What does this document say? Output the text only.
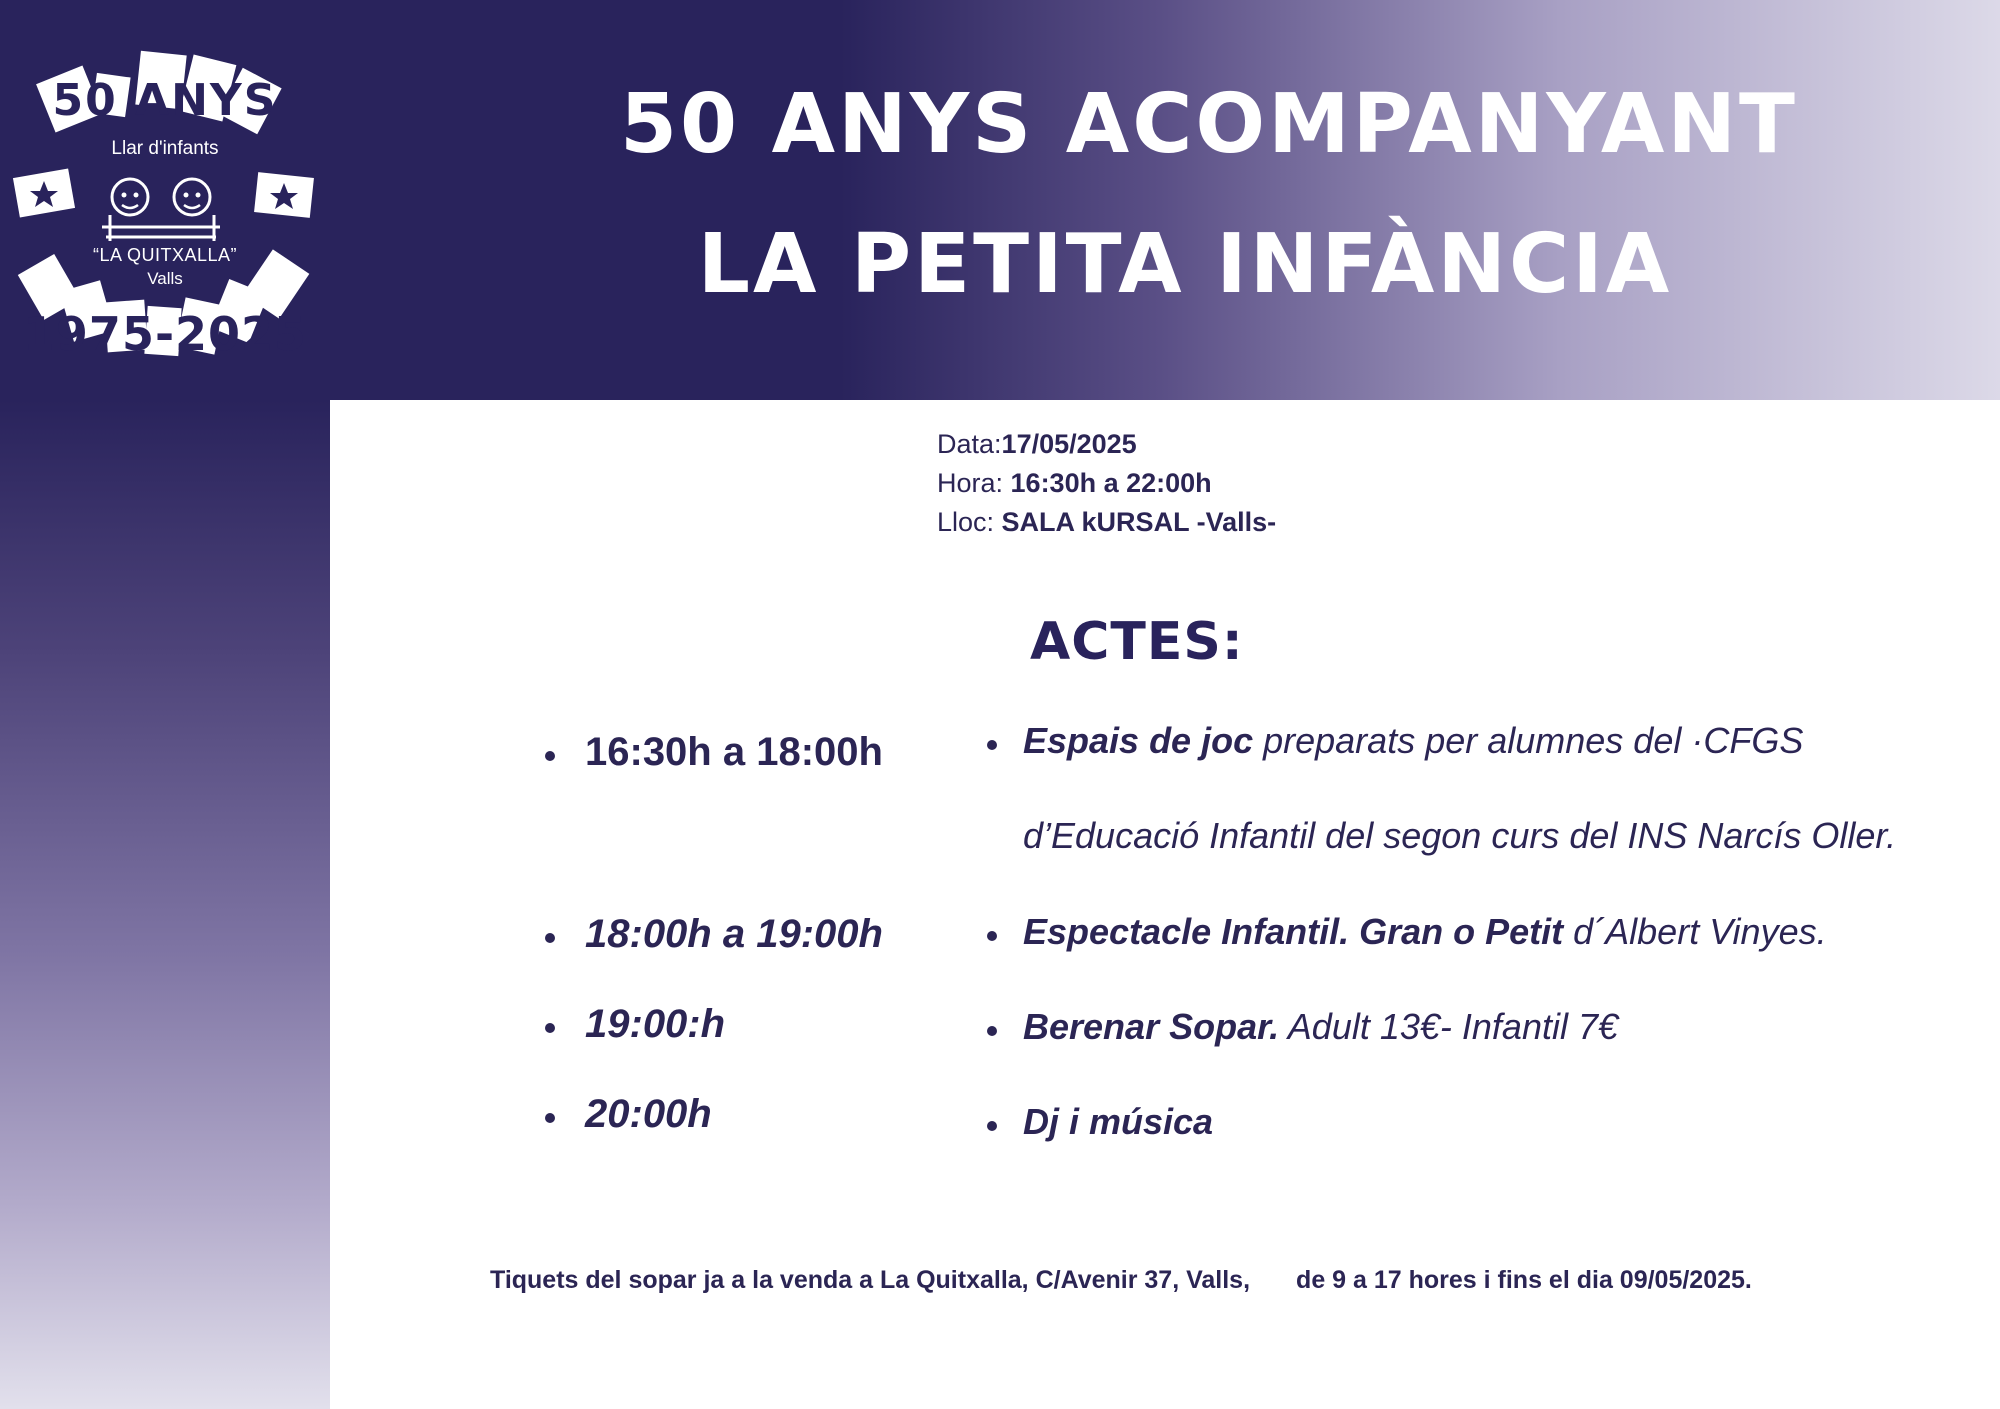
50 ANYS
Llar d'infants
“LA QUITXALLA”
Valls
1975-2025
50 ANYS ACOMPANYANT
LA PETITA INFÀNCIA
Data:17/05/2025
Hora: 16:30h a 22:00h
Lloc: SALA kURSAL -Valls-
ACTES:
16:30h a 18:00h
18:00h a 19:00h
19:00:h
20:00h
Espais de joc preparats per alumnes del ·CFGS
d’Educació Infantil del segon curs del INS Narcís Oller.
Espectacle Infantil. Gran o Petit d´Albert Vinyes.
Berenar Sopar. Adult 13€- Infantil 7€
Dj i música
Tiquets del sopar ja a la venda a La Quitxalla, C/Avenir 37, Valls, de 9 a 17 hores i fins el dia 09/05/2025.
